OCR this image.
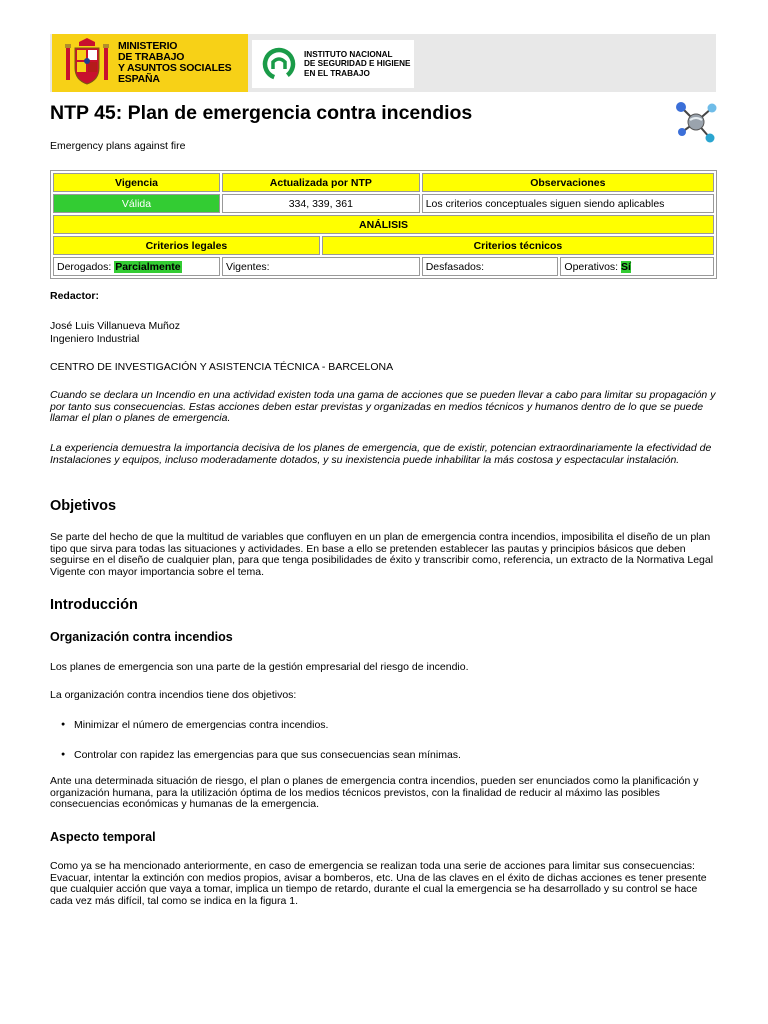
MINISTERIO
DE TRABAJO
Y ASUNTOS SOCIALES
ESPAÑA
INSTITUTO NACIONAL
DE SEGURIDAD E HIGIENE
EN EL TRABAJO
NTP 45: Plan de emergencia contra incendios
Emergency plans against fire
Vigencia	Actualizada por NTP		Observaciones	
Válida	334, 339, 361		Los criterios conceptuales siguen siendo aplicables	
ANÁLISIS				
Criterios legales		Criterios técnicos		
Derogados: Parcialmente	Vigentes:		Desfasados:	Operativos: Sí
Redactor:
José Luis Villanueva Muñoz
Ingeniero Industrial
CENTRO DE INVESTIGACIÓN Y ASISTENCIA TÉCNICA - BARCELONA
Cuando se declara un Incendio en una actividad existen toda una gama de acciones que se pueden llevar a cabo para limitar su propagación y por tanto sus consecuencias. Estas acciones deben estar previstas y organizadas en medios técnicos y humanos dentro de lo que se puede llamar el plan o planes de emergencia.
La experiencia demuestra la importancia decisiva de los planes de emergencia, que de existir, potencian extraordinariamente la efectividad de Instalaciones y equipos, incluso moderadamente dotados, y su inexistencia puede inhabilitar la más costosa y espectacular instalación.
Objetivos

Se parte del hecho de que la multitud de variables que confluyen en un plan de emergencia contra incendios, imposibilita el diseño de un plan tipo que sirva para todas las situaciones y actividades. En base a ello se pretenden establecer las pautas y principios básicos que deben seguirse en el diseño de cualquier plan, para que tenga posibilidades de éxito y transcribir como, referencia, un extracto de la Normativa Legal Vigente con mayor importancia sobre el tema.

Introducción
Organización contra incendios

Los planes de emergencia son una parte de la gestión empresarial del riesgo de incendio.

La organización contra incendios tiene dos objetivos:

● Minimizar el número de emergencias contra incendios.
● Controlar con rapidez las emergencias para que sus consecuencias sean mínimas.

Ante una determinada situación de riesgo, el plan o planes de emergencia contra incendios, pueden ser enunciados como la planificación y organización humana, para la utilización óptima de los medios técnicos previstos, con la finalidad de reducir al máximo las posibles consecuencias económicas y humanas de la emergencia.

Aspecto temporal

Como ya se ha mencionado anteriormente, en caso de emergencia se realizan toda una serie de acciones para limitar sus consecuencias: Evacuar, intentar la extinción con medios propios, avisar a bomberos, etc. Una de las claves en el éxito de dichas acciones es tener presente que cualquier acción que vaya a tomar, implica un tiempo de retardo, durante el cual la emergencia se ha desarrollado y su control se hace cada vez más difícil, tal como se indica en la figura 1.
